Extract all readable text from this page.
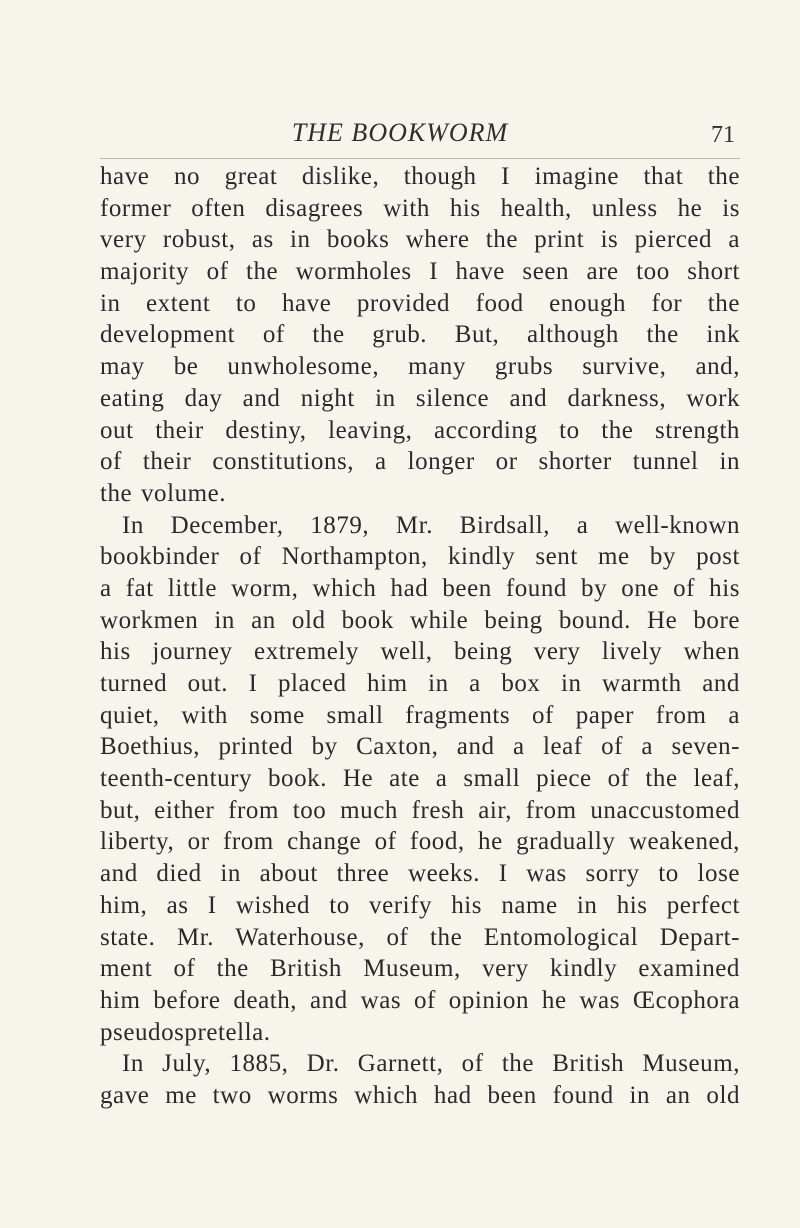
THE BOOKWORM	71
have no great dislike, though I imagine that the
former often disagrees with his health, unless he is
very robust, as in books where the print is pierced a
majority of the wormholes I have seen are too short
in extent to have provided food enough for the
development of the grub. But, although the ink
may be unwholesome, many grubs survive, and,
eating day and night in silence and darkness, work
out their destiny, leaving, according to the strength
of their constitutions, a longer or shorter tunnel in
the volume.
In December, 1879, Mr. Birdsall, a well-known
bookbinder of Northampton, kindly sent me by post
a fat little worm, which had been found by one of his
workmen in an old book while being bound. He bore
his journey extremely well, being very lively when
turned out. I placed him in a box in warmth and
quiet, with some small fragments of paper from a
Boethius, printed by Caxton, and a leaf of a seven-
teenth-century book. He ate a small piece of the leaf,
but, either from too much fresh air, from unaccustomed
liberty, or from change of food, he gradually weakened,
and died in about three weeks. I was sorry to lose
him, as I wished to verify his name in his perfect
state. Mr. Waterhouse, of the Entomological Depart-
ment of the British Museum, very kindly examined
him before death, and was of opinion he was Œcophora
pseudospretella.
In July, 1885, Dr. Garnett, of the British Museum,
gave me two worms which had been found in an old
